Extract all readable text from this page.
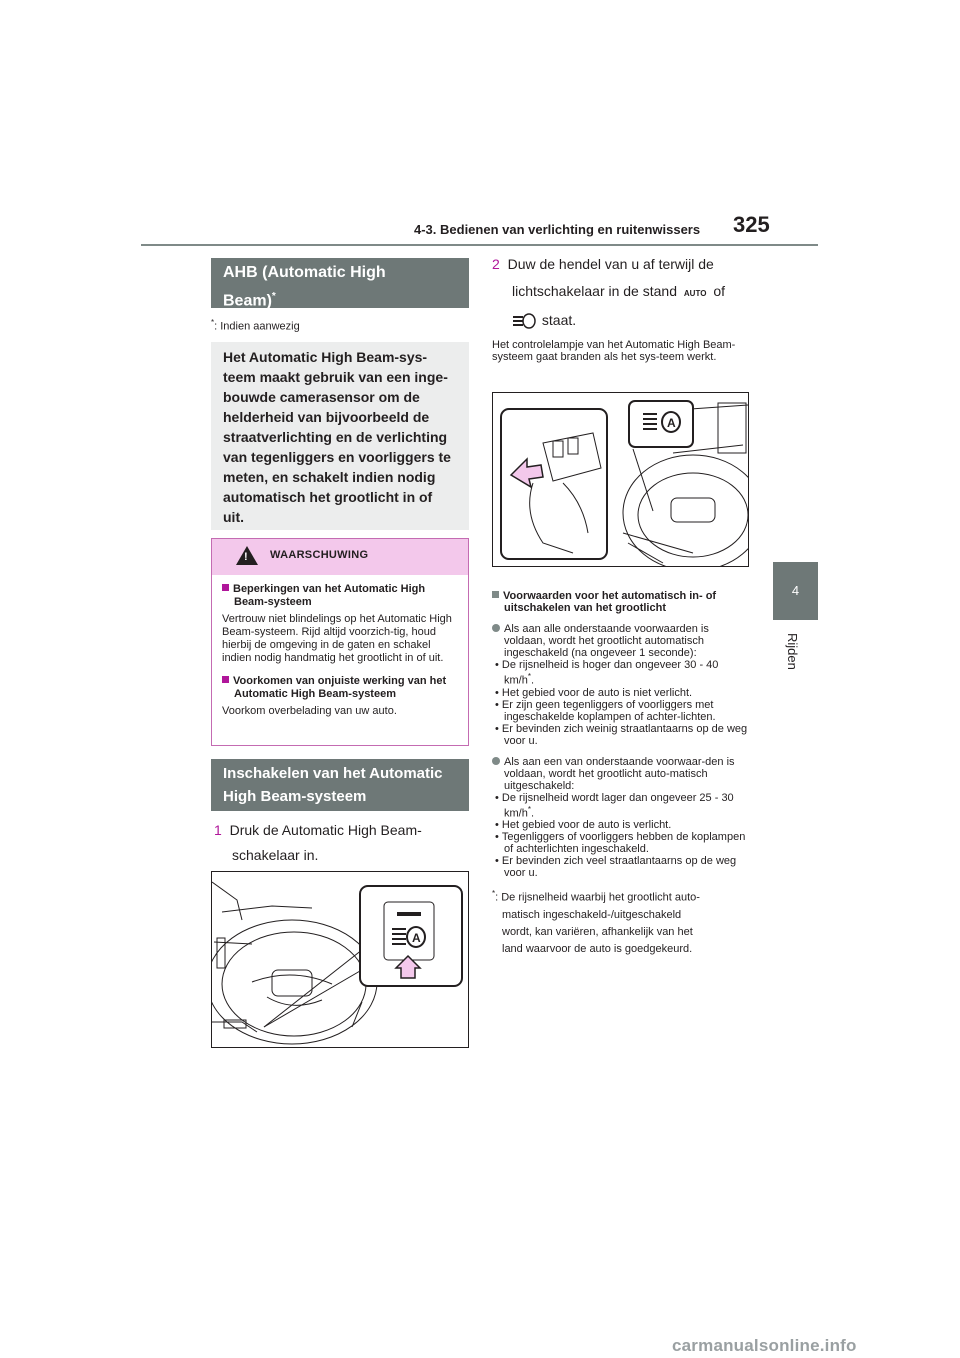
4-3. Bedienen van verlichting en ruitenwissers 325
4
Rijden
AHB (Automatic High
Beam)*
*: Indien aanwezig
Het Automatic High Beam-sys-
teem maakt gebruik van een inge-
bouwde camerasensor om de
helderheid van bijvoorbeeld de
straatverlichting en de verlichting
van tegenliggers en voorliggers te
meten, en schakelt indien nodig
automatisch het grootlicht in of
uit.
! WAARSCHUWING
Beperkingen van het Automatic High Beam-systeem
Vertrouw niet blindelings op het Automatic High Beam-systeem. Rijd altijd voorzich-tig, houd hierbij de omgeving in de gaten en schakel indien nodig handmatig het grootlicht in of uit.
Voorkomen van onjuiste werking van het Automatic High Beam-systeem
Voorkom overbelading van uw auto.
Inschakelen van het Automatic
High Beam-systeem
1 Druk de Automatic High Beam-
schakelaar in.
A
2 Duw de hendel van u af terwijl de
lichtschakelaar in de stand AUTO of
staat.
Het controlelampje van het Automatic High Beam-systeem gaat branden als het sys-teem werkt.
A
Voorwaarden voor het automatisch in- of uitschakelen van het grootlicht
Als aan alle onderstaande voorwaarden is voldaan, wordt het grootlicht automatisch ingeschakeld (na ongeveer 1 seconde):
• De rijsnelheid is hoger dan ongeveer 30 - 40 km/h*.
• Het gebied voor de auto is niet verlicht.
• Er zijn geen tegenliggers of voorliggers met ingeschakelde koplampen of achter-lichten.
• Er bevinden zich weinig straatlantaarns op de weg voor u.
Als aan een van onderstaande voorwaar-den is voldaan, wordt het grootlicht auto-matisch uitgeschakeld:
• De rijsnelheid wordt lager dan ongeveer 25 - 30 km/h*.
• Het gebied voor de auto is verlicht.
• Tegenliggers of voorliggers hebben de koplampen of achterlichten ingeschakeld.
• Er bevinden zich veel straatlantaarns op de weg voor u.
*: De rijsnelheid waarbij het grootlicht auto-
matisch ingeschakeld-/uitgeschakeld
wordt, kan variëren, afhankelijk van het
land waarvoor de auto is goedgekeurd.
carmanualsonline.info
